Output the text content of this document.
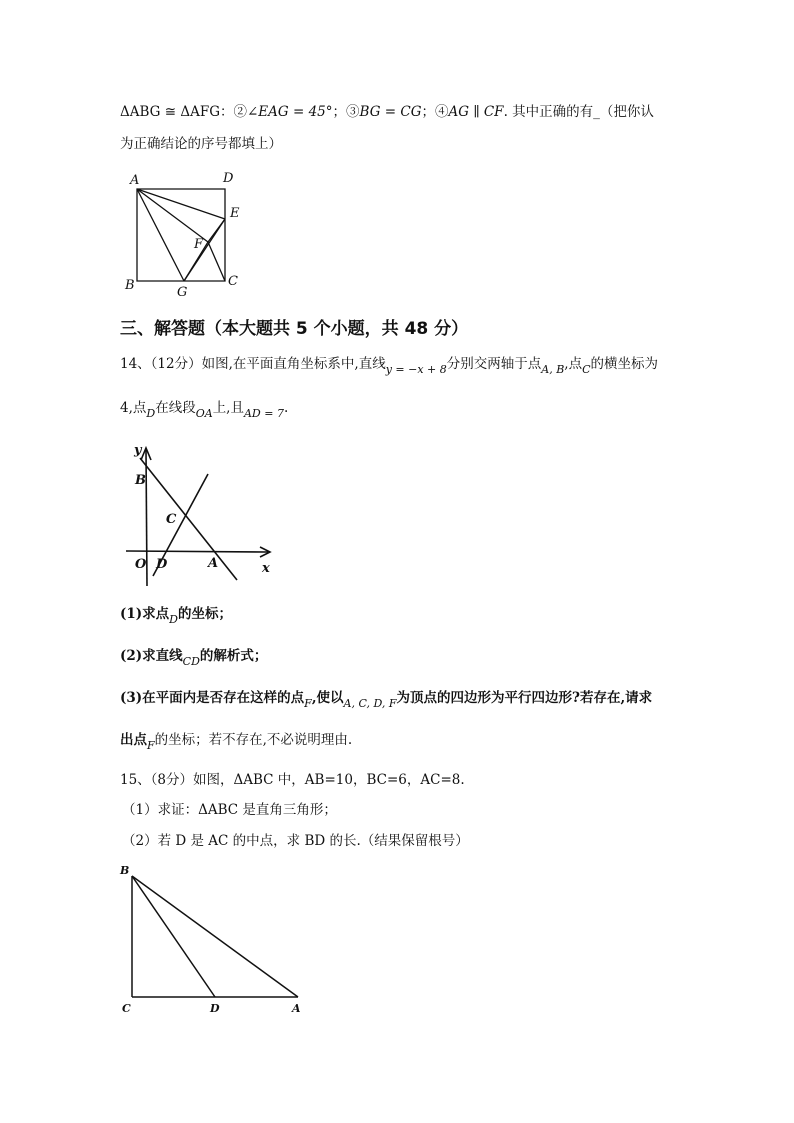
ΔABG ≅ ΔAFG：②∠EAG = 45°；③BG = CG；④AG ∥ CF. 其中正确的有_（把你认
为正确结论的序号都填上）
A	D
E
F
B	G
C
三、解答题（本大题共 5 个小题，共 48 分）
14、（12分）如图,在平面直角坐标系中,直线$_{y = -x + 8}$分别交两轴于点$_{A, B}$,点$_C$的横坐标为
4,点$_D$在线段$_{OA}$上,且$_{AD = 7}$.
y
B
C
O D	A	x
(1)求点$_D$的坐标；
(2)求直线$_{CD}$的解析式；
(3)在平面内是否存在这样的点$_F$,使以$_{A, C, D, F}$为顶点的四边形为平行四边形?若存在,请求
出点$_F$的坐标；若不存在,不必说明理由.
15、（8分）如图，ΔABC 中，AB=10，BC=6，AC=8.
（1）求证：ΔABC 是直角三角形；
（2）若 D 是 AC 的中点，求 BD 的长.（结果保留根号）
B
C	D	A
